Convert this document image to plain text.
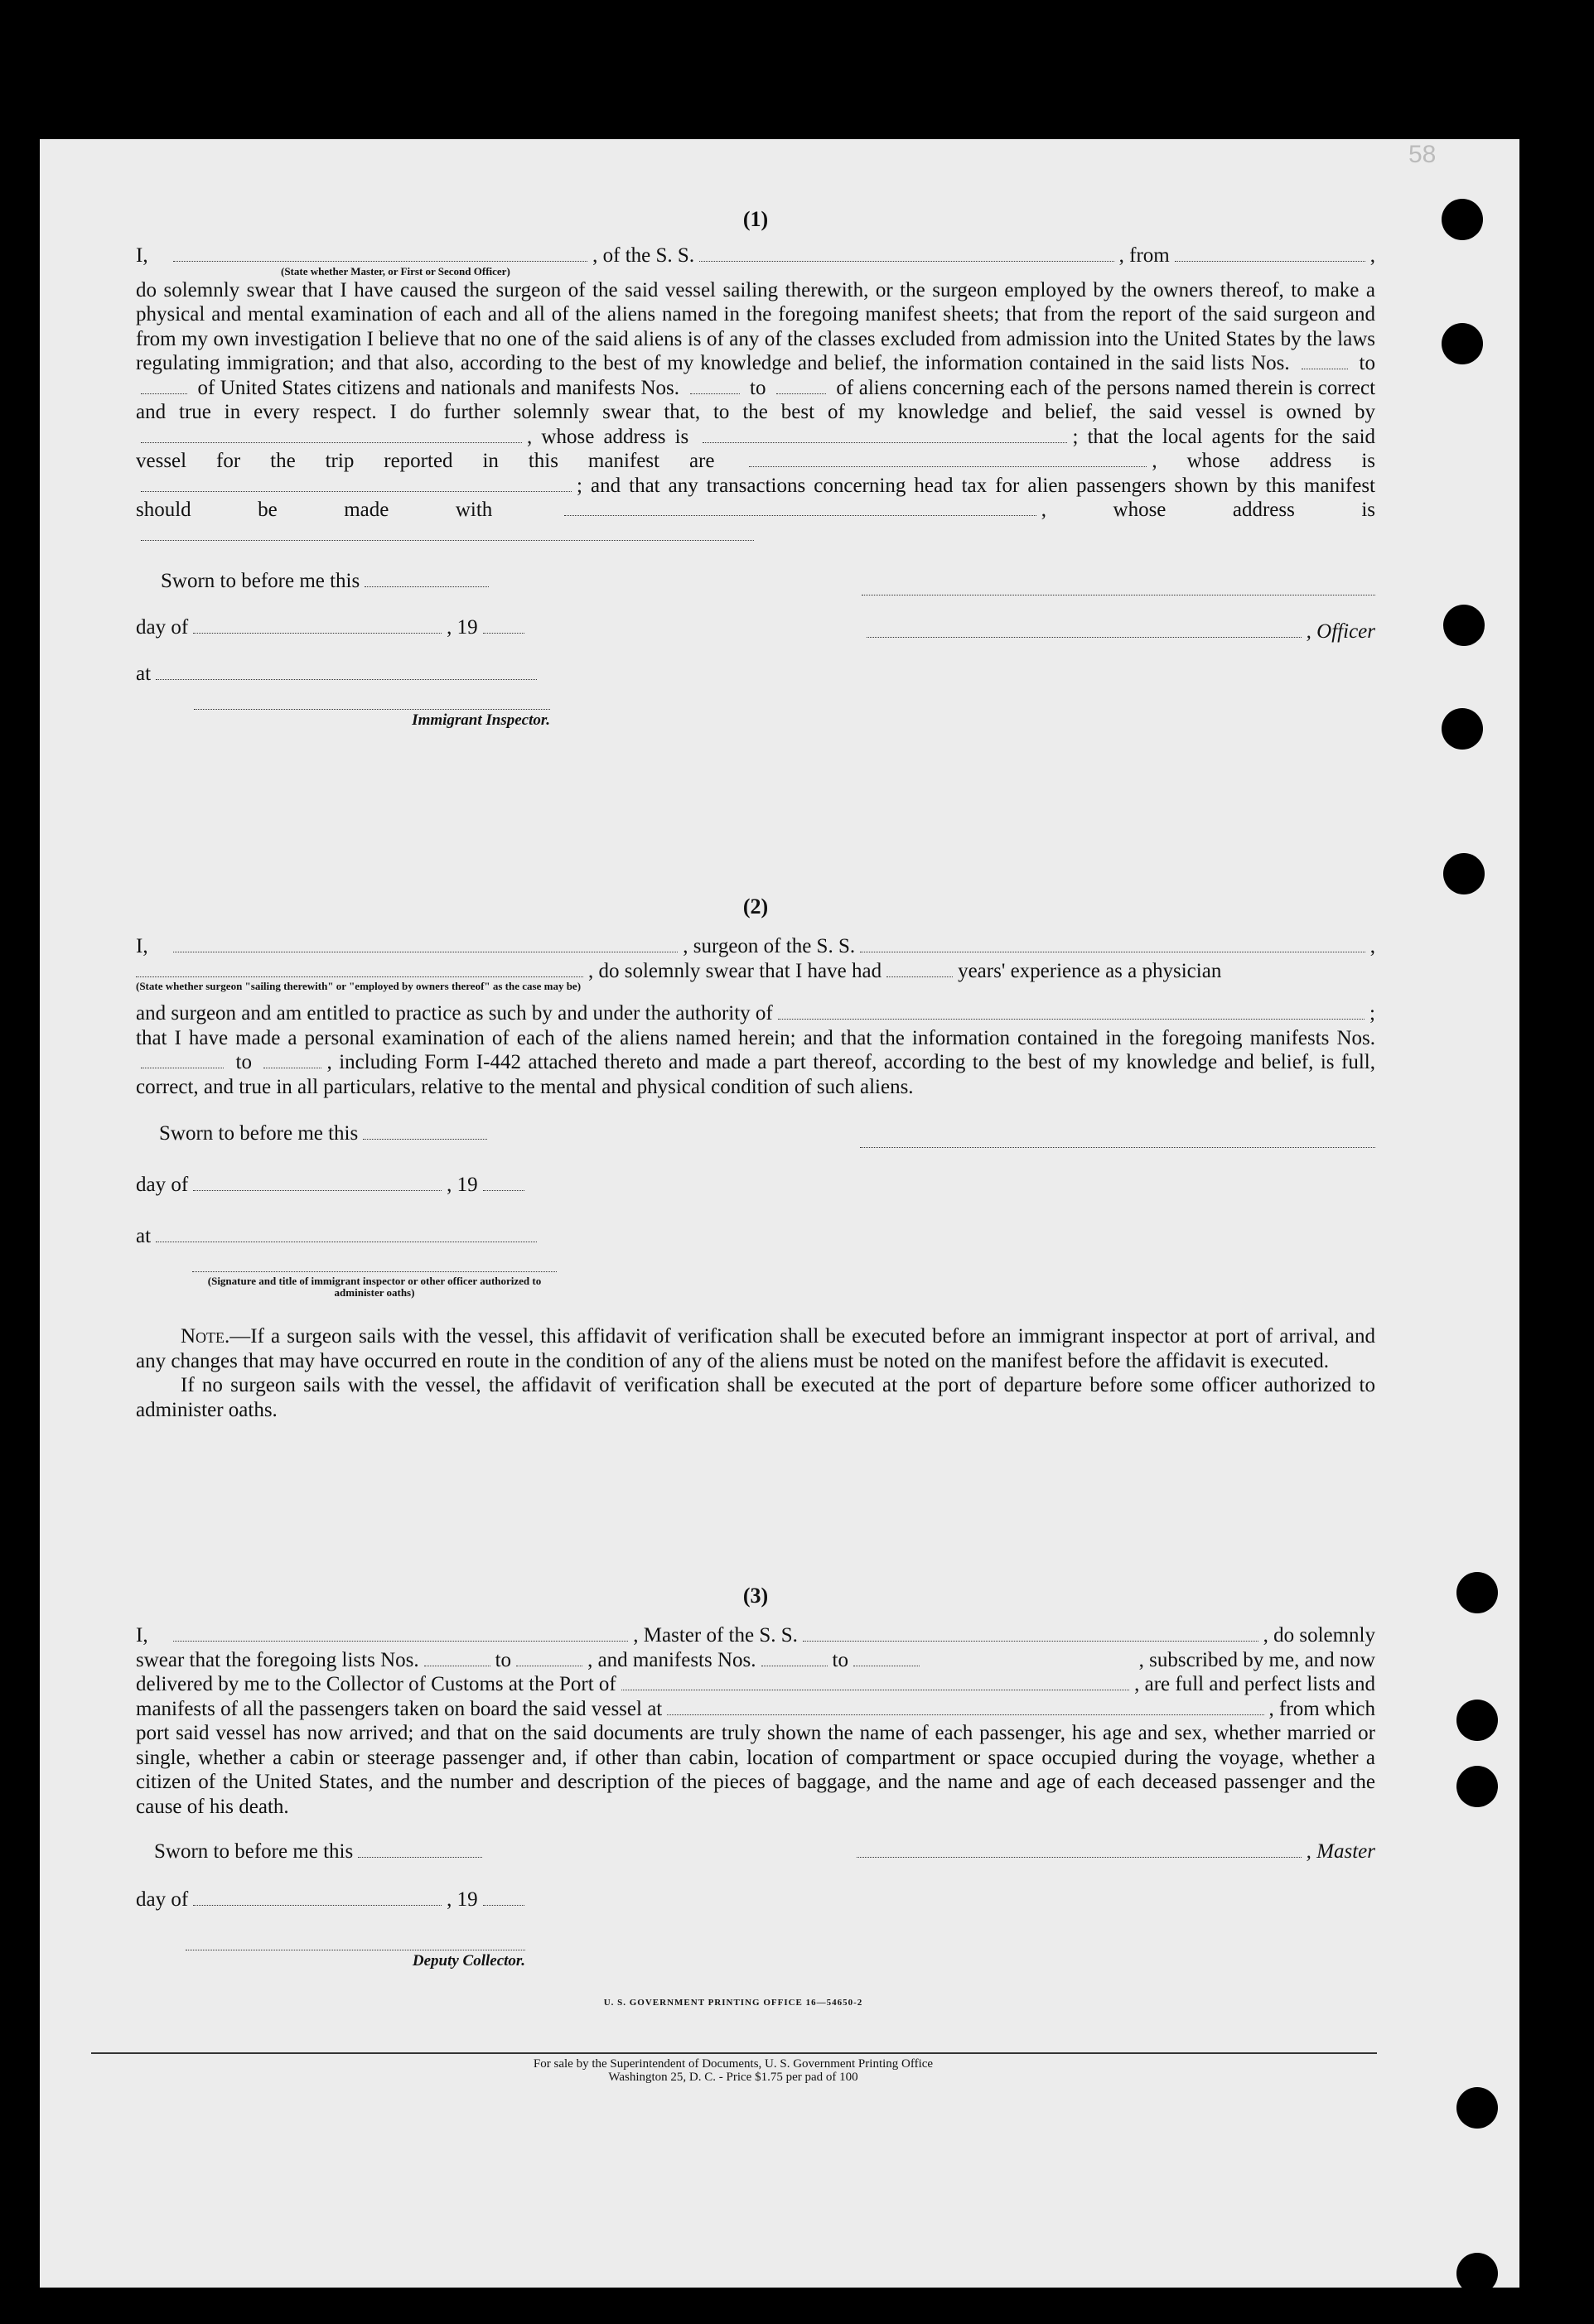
58
(1)
I,	, of the S. S.	, from	,
(State whether Master, or First or Second Officer)
do solemnly swear that I have caused the surgeon of the said vessel sailing therewith, or the surgeon employed by the owners thereof, to make a physical and mental examination of each and all of the aliens named in the foregoing manifest sheets; that from the report of the said surgeon and from my own investigation I believe that no one of the said aliens is of any of the classes excluded from admission into the United States by the laws regulating immigration; and that also, according to the best of my knowledge and belief, the information contained in the said lists Nos.	to  of United States citizens and nationals and manifests Nos.	to	of aliens concerning each of the persons named therein is correct and true in every respect. I do further solemnly swear that, to the best of my knowledge and belief, the said vessel is owned by , whose address is	; that the local agents for the said vessel for the trip reported in this manifest are	, whose address is ; and that any transactions concerning head tax for alien passengers shown by this manifest should be made with	, whose address is
Sworn to before me this
day of	, 19
at
Immigrant Inspector.
, Officer
(2)
I,	, surgeon of the S. S.	,
, do solemnly swear that I have had	years' experience as a physician
(State whether surgeon "sailing therewith" or "employed by owners thereof" as the case may be)
and surgeon and am entitled to practice as such by and under the authority of	;
that I have made a personal examination of each of the aliens named herein; and that the information contained in the foregoing manifests Nos.  to	, including Form I-442 attached thereto and made a part thereof, according to the best of my knowledge and belief, is full, correct, and true in all particulars, relative to the mental and physical condition of such aliens.
Sworn to before me this
day of	, 19
at
(Signature and title of immigrant inspector or other officer authorized to administer oaths)
Note.—If a surgeon sails with the vessel, this affidavit of verification shall be executed before an immigrant inspector at port of arrival, and any changes that may have occurred en route in the condition of any of the aliens must be noted on the manifest before the affidavit is executed.
If no surgeon sails with the vessel, the affidavit of verification shall be executed at the port of departure before some officer authorized to administer oaths.
(3)
I,	, Master of the S. S.	, do solemnly
swear that the foregoing lists Nos.	to	, and manifests Nos.	to	, subscribed by me, and now
delivered by me to the Collector of Customs at the Port of	, are full and perfect lists and
manifests of all the passengers taken on board the said vessel at	, from which
port said vessel has now arrived; and that on the said documents are truly shown the name of each passenger, his age and sex, whether married or single, whether a cabin or steerage passenger and, if other than cabin, location of compartment or space occupied during the voyage, whether a citizen of the United States, and the number and description of the pieces of baggage, and the name and age of each deceased passenger and the cause of his death.
Sworn to before me this
day of	, 19
Deputy Collector.
, Master
U. S. GOVERNMENT PRINTING OFFICE 16—54650-2
For sale by the Superintendent of Documents, U. S. Government Printing Office
Washington 25, D. C. - Price $1.75 per pad of 100
